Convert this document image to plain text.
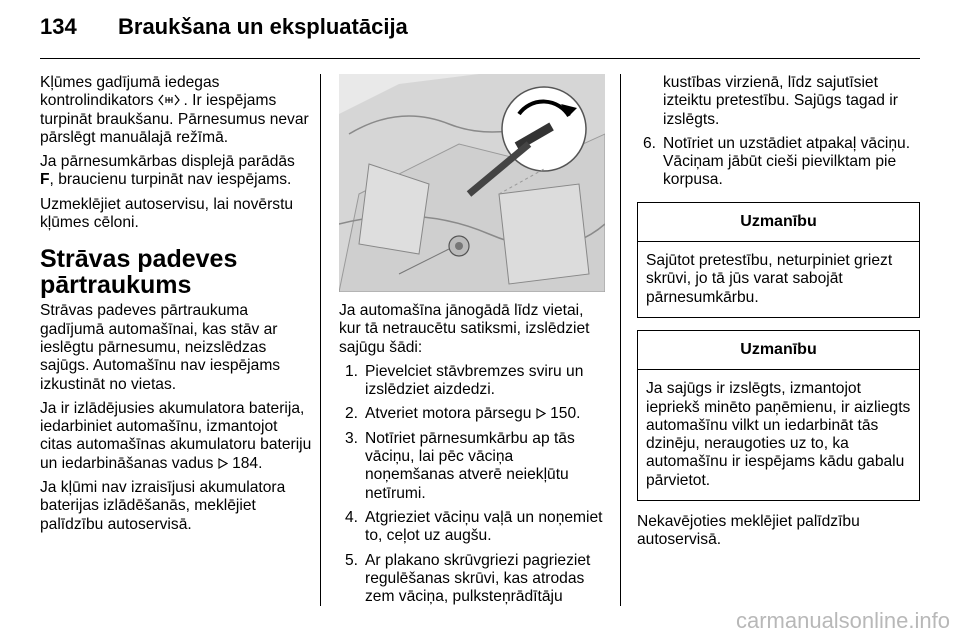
134 Braukšana un ekspluatācija

Kļūmes gadījumā iedegas kontrolindikators . Ir iespējams turpināt braukšanu. Pārnesumus nevar pārslēgt manuālajā režīmā.

Ja pārnesumkārbas displejā parādās F, braucienu turpināt nav iespējams.

Uzmeklējiet autoservisu, lai novērstu kļūmes cēloni.

Strāvas padeves pārtraukums

Strāvas padeves pārtraukuma gadījumā automašīnai, kas stāv ar ieslēgtu pārnesumu, neizslēdzas sajūgs. Automašīnu nav iespējams izkustināt no vietas.

Ja ir izlādējusies akumulatora baterija, iedarbiniet automašīnu, izmantojot citas automašīnas akumulatoru bateriju un iedarbināšanas vadus 184.

Ja kļūmi nav izraisījusi akumulatora baterijas izlādēšanās, meklējiet palīdzību autoservisā.

Ja automašīna jānogādā līdz vietai, kur tā netraucētu satiksmi, izslēdziet sajūgu šādi:

1. Pievelciet stāvbremzes sviru un izslēdziet aizdedzi.
2. Atveriet motora pārsegu 150.
3. Notīriet pārnesumkārbu ap tās vāciņu, lai pēc vāciņa noņemšanas atverē neiekļūtu netīrumi.
4. Atgrieziet vāciņu vaļā un noņemiet to, ceļot uz augšu.
5. Ar plakano skrūvgriezi pagrieziet regulēšanas skrūvi, kas atrodas zem vāciņa, pulksteņrādītāju

kustības virzienā, līdz sajutīsiet izteiktu pretestību. Sajūgs tagad ir izslēgts.

6. Notīriet un uzstādiet atpakaļ vāciņu. Vāciņam jābūt cieši pievilktam pie korpusa.
Uzmanību
Sajūtot pretestību, neturpiniet griezt skrūvi, jo tā jūs varat sabojāt pārnesumkārbu.
Uzmanību
Ja sajūgs ir izslēgts, izmantojot iepriekš minēto paņēmienu, ir aizliegts automašīnu vilkt un iedarbināt tās dzinēju, neraugoties uz to, ka automašīnu ir iespējams kādu gabalu pārvietot.

Nekavējoties meklējiet palīdzību autoservisā.

carmanualsonline.info
